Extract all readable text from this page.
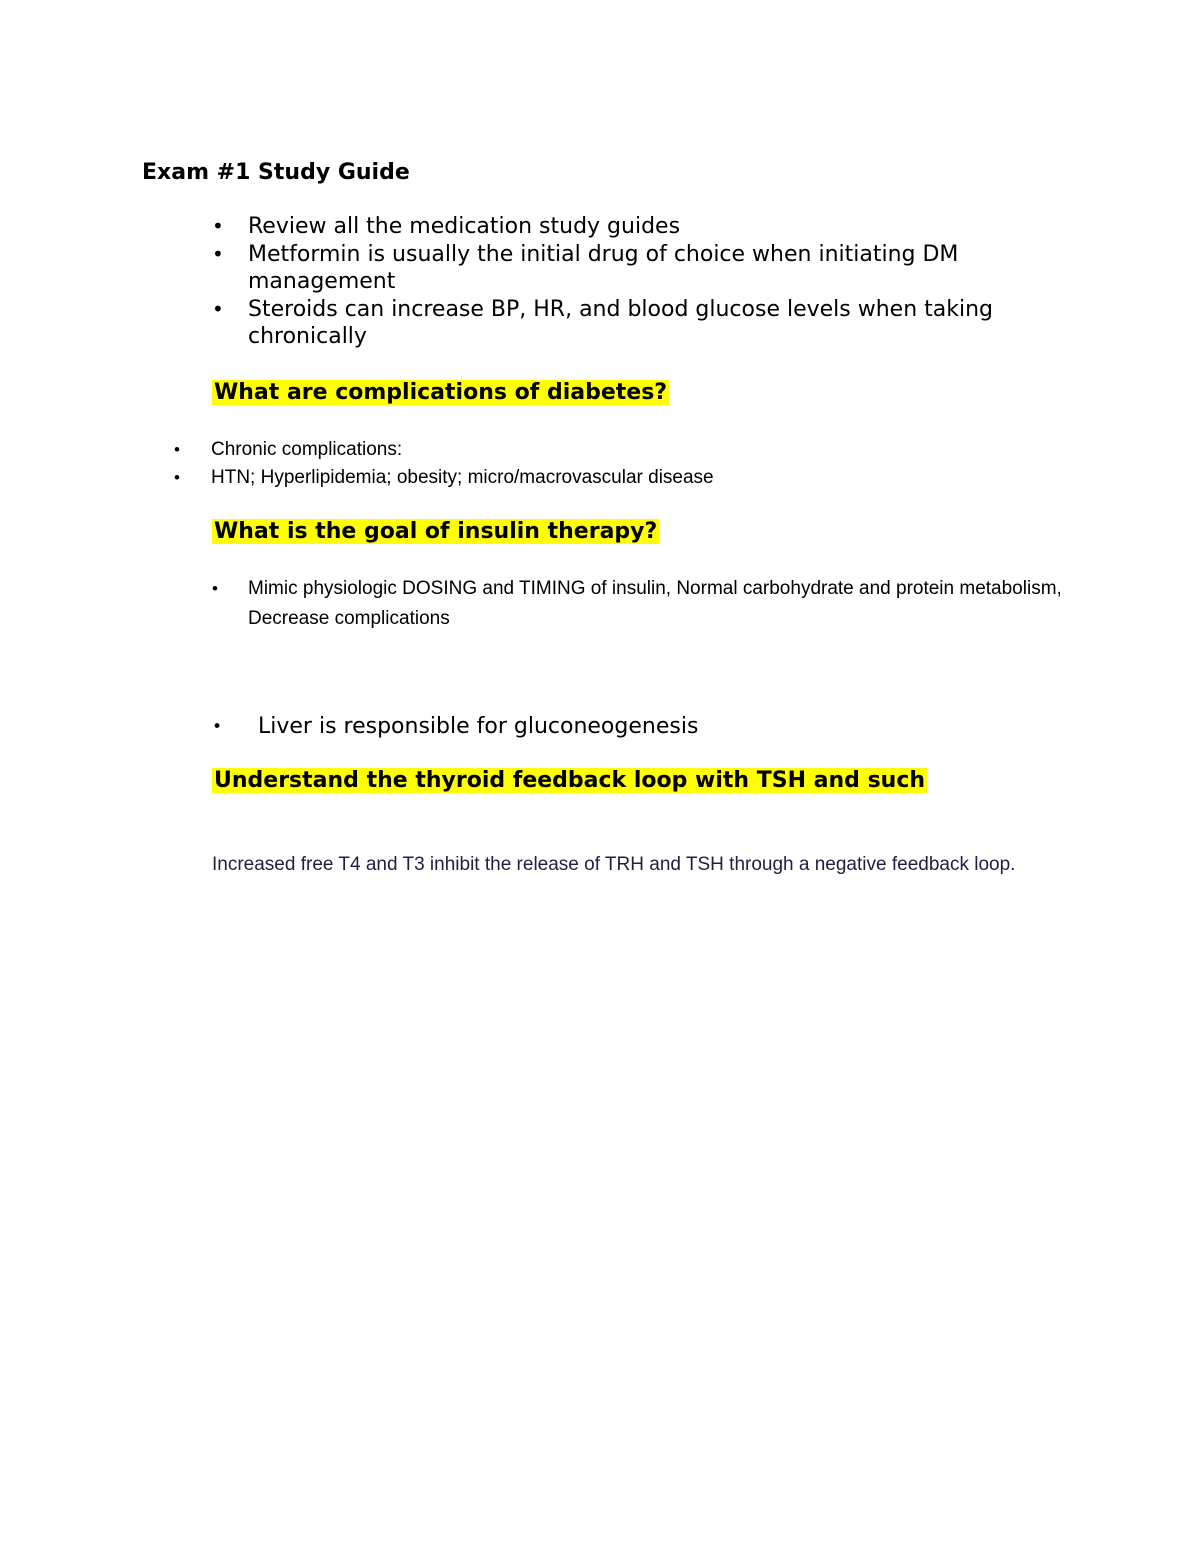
Exam #1 Study Guide
• Review all the medication study guides
• Metformin is usually the initial drug of choice when initiating DM management
• Steroids can increase BP, HR, and blood glucose levels when taking chronically
What are complications of diabetes?
• Chronic complications:
• HTN; Hyperlipidemia; obesity; micro/macrovascular disease
What is the goal of insulin therapy?
• Mimic physiologic DOSING and TIMING of insulin, Normal carbohydrate and protein metabolism, Decrease complications
• Liver is responsible for gluconeogenesis
Understand the thyroid feedback loop with TSH and such

Increased free T4 and T3 inhibit the release of TRH and TSH through a negative feedback loop.
